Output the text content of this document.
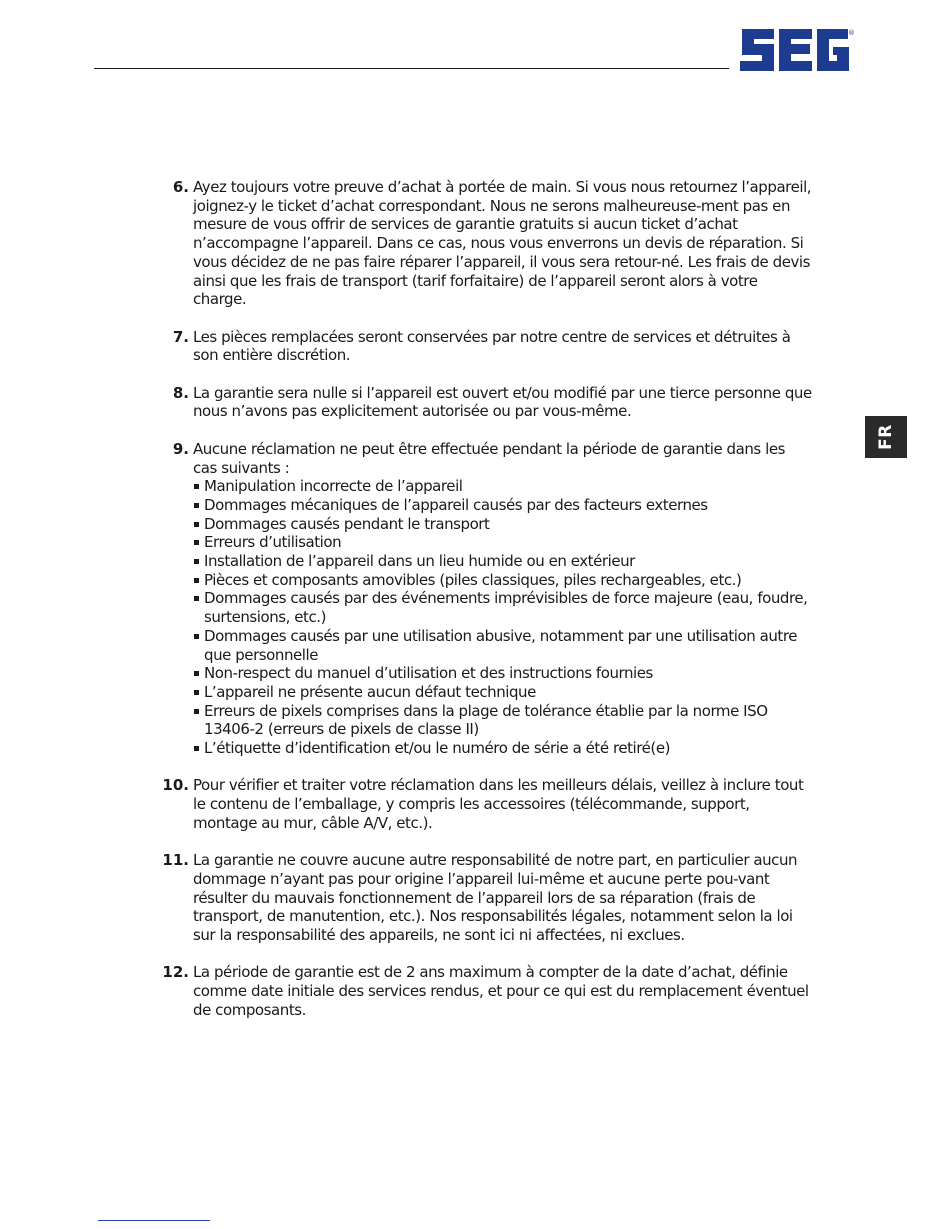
®
FR
6. Ayez toujours votre preuve d’achat à portée de main. Si vous nous retournez l’appareil, joignez-y le ticket d’achat correspondant. Nous ne serons malheureuse-ment pas en mesure de vous offrir de services de garantie gratuits si aucun ticket d’achat n’accompagne l’appareil. Dans ce cas, nous vous enverrons un devis de réparation. Si vous décidez de ne pas faire réparer l’appareil, il vous sera retour-né. Les frais de devis ainsi que les frais de transport (tarif forfaitaire) de l’appareil seront alors à votre charge.
7. Les pièces remplacées seront conservées par notre centre de services et détruites à son entière discrétion.
8. La garantie sera nulle si l’appareil est ouvert et/ou modifié par une tierce personne que nous n’avons pas explicitement autorisée ou par vous-même.
9. Aucune réclamation ne peut être effectuée pendant la période de garantie dans les cas suivants :
Manipulation incorrecte de l’appareil
Dommages mécaniques de l’appareil causés par des facteurs externes
Dommages causés pendant le transport
Erreurs d’utilisation
Installation de l’appareil dans un lieu humide ou en extérieur
Pièces et composants amovibles (piles classiques, piles rechargeables, etc.)
Dommages causés par des événements imprévisibles de force majeure (eau, foudre, surtensions, etc.)
Dommages causés par une utilisation abusive, notamment par une utilisation autre que personnelle
Non-respect du manuel d’utilisation et des instructions fournies
L’appareil ne présente aucun défaut technique
Erreurs de pixels comprises dans la plage de tolérance établie par la norme ISO 13406-2 (erreurs de pixels de classe II)
L’étiquette d’identification et/ou le numéro de série a été retiré(e)
10. Pour vérifier et traiter votre réclamation dans les meilleurs délais, veillez à inclure tout le contenu de l’emballage, y compris les accessoires (télécommande, support, montage au mur, câble A/V, etc.).
11. La garantie ne couvre aucune autre responsabilité de notre part, en particulier aucun dommage n’ayant pas pour origine l’appareil lui-même et aucune perte pou-vant résulter du mauvais fonctionnement de l’appareil lors de sa réparation (frais de transport, de manutention, etc.). Nos responsabilités légales, notamment selon la loi sur la responsabilité des appareils, ne sont ici ni affectées, ni exclues.
12. La période de garantie est de 2 ans maximum à compter de la date d’achat, définie comme date initiale des services rendus, et pour ce qui est du remplacement éventuel de composants.
